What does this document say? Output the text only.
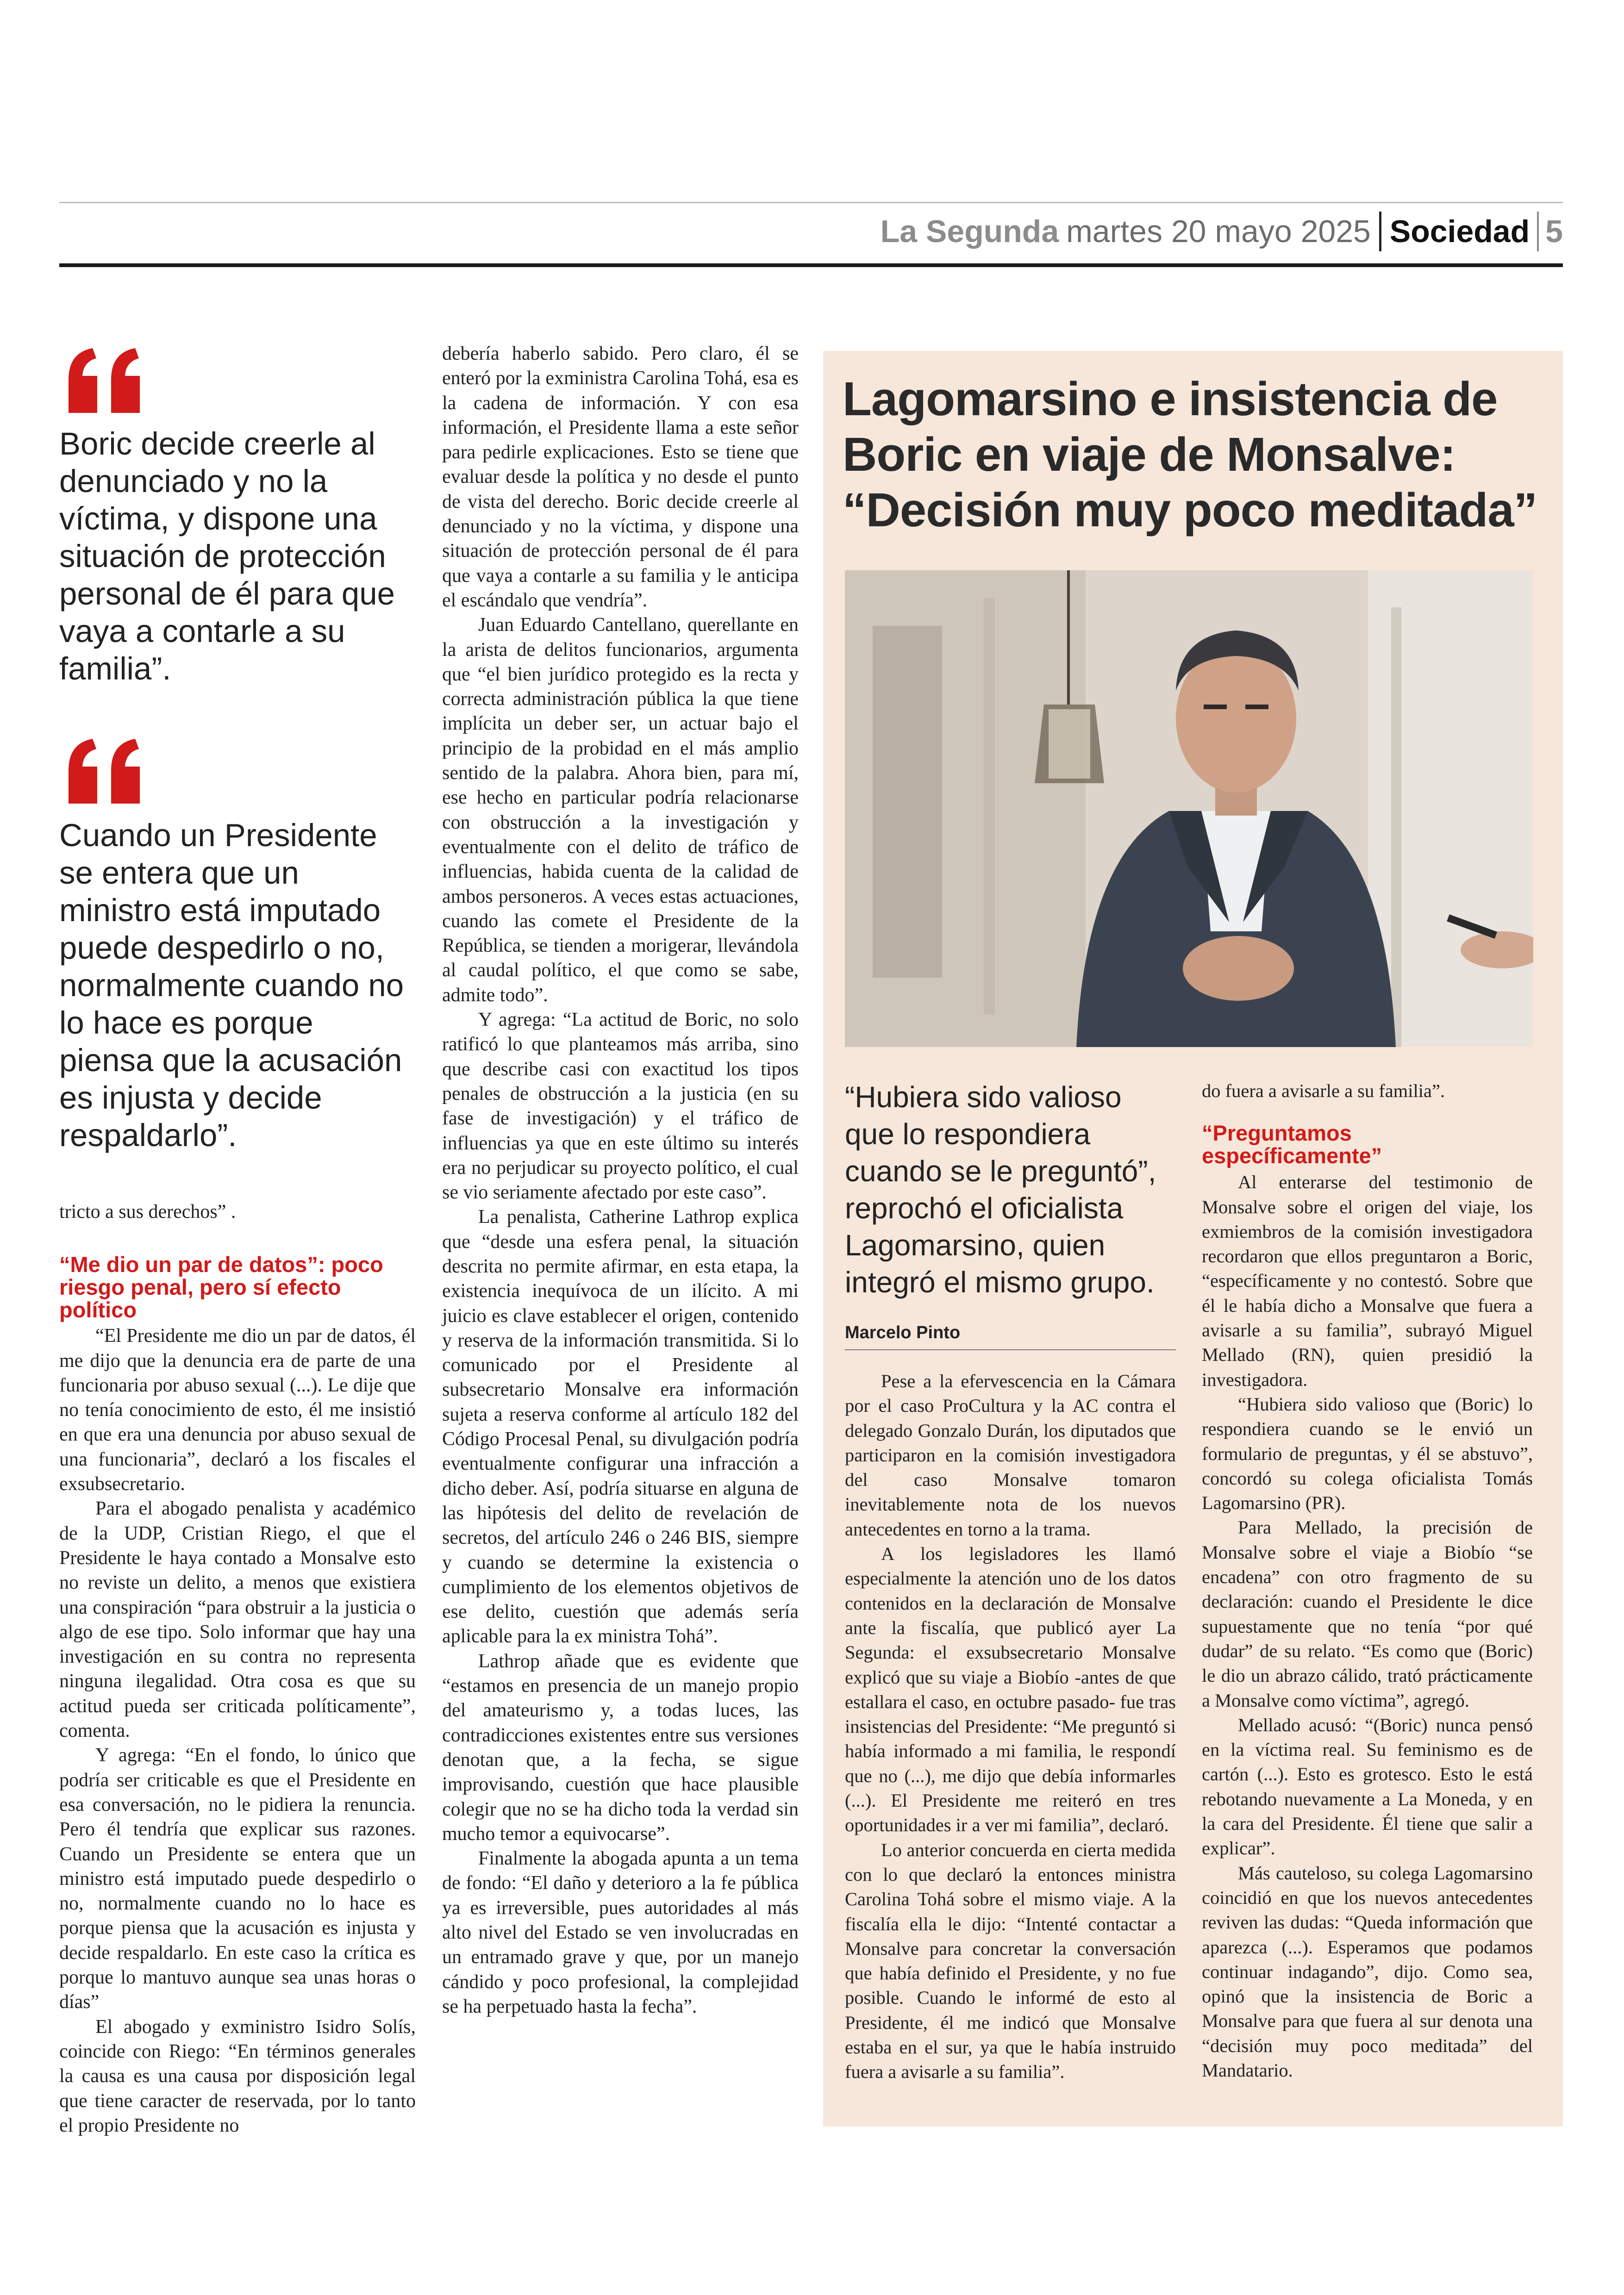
La Segunda martes 20 mayo 2025 Sociedad 5
Boric decide creerle al denunciado y no la víctima, y dispone una situación de protección personal de él para que vaya a contarle a su familia”.
Cuando un Presidente se entera que un ministro está imputado puede despedirlo o no, normalmente cuando no lo hace es porque piensa que la acusación es injusta y decide respaldarlo”.

tricto a sus derechos” .

“Me dio un par de datos”: poco riesgo penal, pero sí efecto político

“El Presidente me dio un par de datos, él me dijo que la denuncia era de parte de una funcionaria por abuso sexual (...). Le dije que no tenía conocimiento de esto, él me insistió en que era una denuncia por abuso sexual de una funcionaria”, declaró a los fiscales el exsubsecretario.

Para el abogado penalista y académico de la UDP, Cristian Riego, el que el Presidente le haya contado a Monsalve esto no reviste un delito, a menos que existiera una conspiración “para obstruir a la justicia o algo de ese tipo. Solo informar que hay una investigación en su contra no representa ninguna ilegalidad. Otra cosa es que su actitud pueda ser criticada políticamente”, comenta.

Y agrega: “En el fondo, lo único que podría ser criticable es que el Presidente en esa conversación, no le pidiera la renuncia. Pero él tendría que explicar sus razones. Cuando un Presidente se entera que un ministro está imputado puede despedirlo o no, normalmente cuando no lo hace es porque piensa que la acusación es injusta y decide respaldarlo. En este caso la crítica es porque lo mantuvo aunque sea unas horas o días”

El abogado y exministro Isidro Solís, coincide con Riego: “En términos generales la causa es una causa por disposición legal que tiene caracter de reservada, por lo tanto el propio Presidente no

debería haberlo sabido. Pero claro, él se enteró por la exministra Carolina Tohá, esa es la cadena de información. Y con esa información, el Presidente llama a este señor para pedirle explicaciones. Esto se tiene que evaluar desde la política y no desde el punto de vista del derecho. Boric decide creerle al denunciado y no la víctima, y dispone una situación de protección personal de él para que vaya a contarle a su familia y le anticipa el escándalo que vendría”.

Juan Eduardo Cantellano, querellante en la arista de delitos funcionarios, argumenta que “el bien jurídico protegido es la recta y correcta administración pública la que tiene implícita un deber ser, un actuar bajo el principio de la probidad en el más amplio sentido de la palabra. Ahora bien, para mí, ese hecho en particular podría relacionarse con obstrucción a la investigación y eventualmente con el delito de tráfico de influencias, habida cuenta de la calidad de ambos personeros. A veces estas actuaciones, cuando las comete el Presidente de la República, se tienden a morigerar, llevándola al caudal político, el que como se sabe, admite todo”.

Y agrega: “La actitud de Boric, no solo ratificó lo que planteamos más arriba, sino que describe casi con exactitud los tipos penales de obstrucción a la justicia (en su fase de investigación) y el tráfico de influencias ya que en este último su interés era no perjudicar su proyecto político, el cual se vio seriamente afectado por este caso”.

La penalista, Catherine Lathrop explica que “desde una esfera penal, la situación descrita no permite afirmar, en esta etapa, la existencia inequívoca de un ilícito. A mi juicio es clave establecer el origen, contenido y reserva de la información transmitida. Si lo comunicado por el Presidente al subsecretario Monsalve era información sujeta a reserva conforme al artículo 182 del Código Procesal Penal, su divulgación podría eventualmente configurar una infracción a dicho deber. Así, podría situarse en alguna de las hipótesis del delito de revelación de secretos, del artículo 246 o 246 BIS, siempre y cuando se determine la existencia o cumplimiento de los elementos objetivos de ese delito, cuestión que además sería aplicable para la ex ministra Tohá”.

Lathrop añade que es evidente que “estamos en presencia de un manejo propio del amateurismo y, a todas luces, las contradicciones existentes entre sus versiones denotan que, a la fecha, se sigue improvisando, cuestión que hace plausible colegir que no se ha dicho toda la verdad sin mucho temor a equivocarse”.

Finalmente la abogada apunta a un tema de fondo: “El daño y deterioro a la fe pública ya es irreversible, pues autoridades al más alto nivel del Estado se ven involucradas en un entramado grave y que, por un manejo cándido y poco profesional, la complejidad se ha perpetuado hasta la fecha”.

Lagomarsino e insistencia de Boric en viaje de Monsalve: “Decisión muy poco meditada”
“Hubiera sido valioso que lo respondiera cuando se le preguntó”, reprochó el oficialista Lagomarsino, quien integró el mismo grupo.
Marcelo Pinto

Pese a la efervescencia en la Cámara por el caso ProCultura y la AC contra el delegado Gonzalo Durán, los diputados que participaron en la comisión investigadora del caso Monsalve tomaron inevitablemente nota de los nuevos antecedentes en torno a la trama.

A los legisladores les llamó especialmente la atención uno de los datos contenidos en la declaración de Monsalve ante la fiscalía, que publicó ayer La Segunda: el exsubsecretario Monsalve explicó que su viaje a Biobío -antes de que estallara el caso, en octubre pasado- fue tras insistencias del Presidente: “Me preguntó si había informado a mi familia, le respondí que no (...), me dijo que debía informarles (...). El Presidente me reiteró en tres oportunidades ir a ver mi familia”, declaró.

Lo anterior concuerda en cierta medida con lo que declaró la entonces ministra Carolina Tohá sobre el mismo viaje. A la fiscalía ella le dijo: “Intenté contactar a Monsalve para concretar la conversación que había definido el Presidente, y no fue posible. Cuando le informé de esto al Presidente, él me indicó que Monsalve estaba en el sur, ya que le había instruido fuera a avisarle a su familia”.

do fuera a avisarle a su familia”.

“Preguntamos específicamente”

Al enterarse del testimonio de Monsalve sobre el origen del viaje, los exmiembros de la comisión investigadora recordaron que ellos preguntaron a Boric, “específicamente y no contestó. Sobre que él le había dicho a Monsalve que fuera a avisarle a su familia”, subrayó Miguel Mellado (RN), quien presidió la investigadora.

“Hubiera sido valioso que (Boric) lo respondiera cuando se le envió un formulario de preguntas, y él se abstuvo”, concordó su colega oficialista Tomás Lagomarsino (PR).

Para Mellado, la precisión de Monsalve sobre el viaje a Biobío “se encadena” con otro fragmento de su declaración: cuando el Presidente le dice supuestamente que no tenía “por qué dudar” de su relato. “Es como que (Boric) le dio un abrazo cálido, trató prácticamente a Monsalve como víctima”, agregó.

Mellado acusó: “(Boric) nunca pensó en la víctima real. Su feminismo es de cartón (...). Esto es grotesco. Esto le está rebotando nuevamente a La Moneda, y en la cara del Presidente. Él tiene que salir a explicar”.

Más cauteloso, su colega Lagomarsino coincidió en que los nuevos antecedentes reviven las dudas: “Queda información que aparezca (...). Esperamos que podamos continuar indagando”, dijo. Como sea, opinó que la insistencia de Boric a Monsalve para que fuera al sur denota una “decisión muy poco meditada” del Mandatario.
